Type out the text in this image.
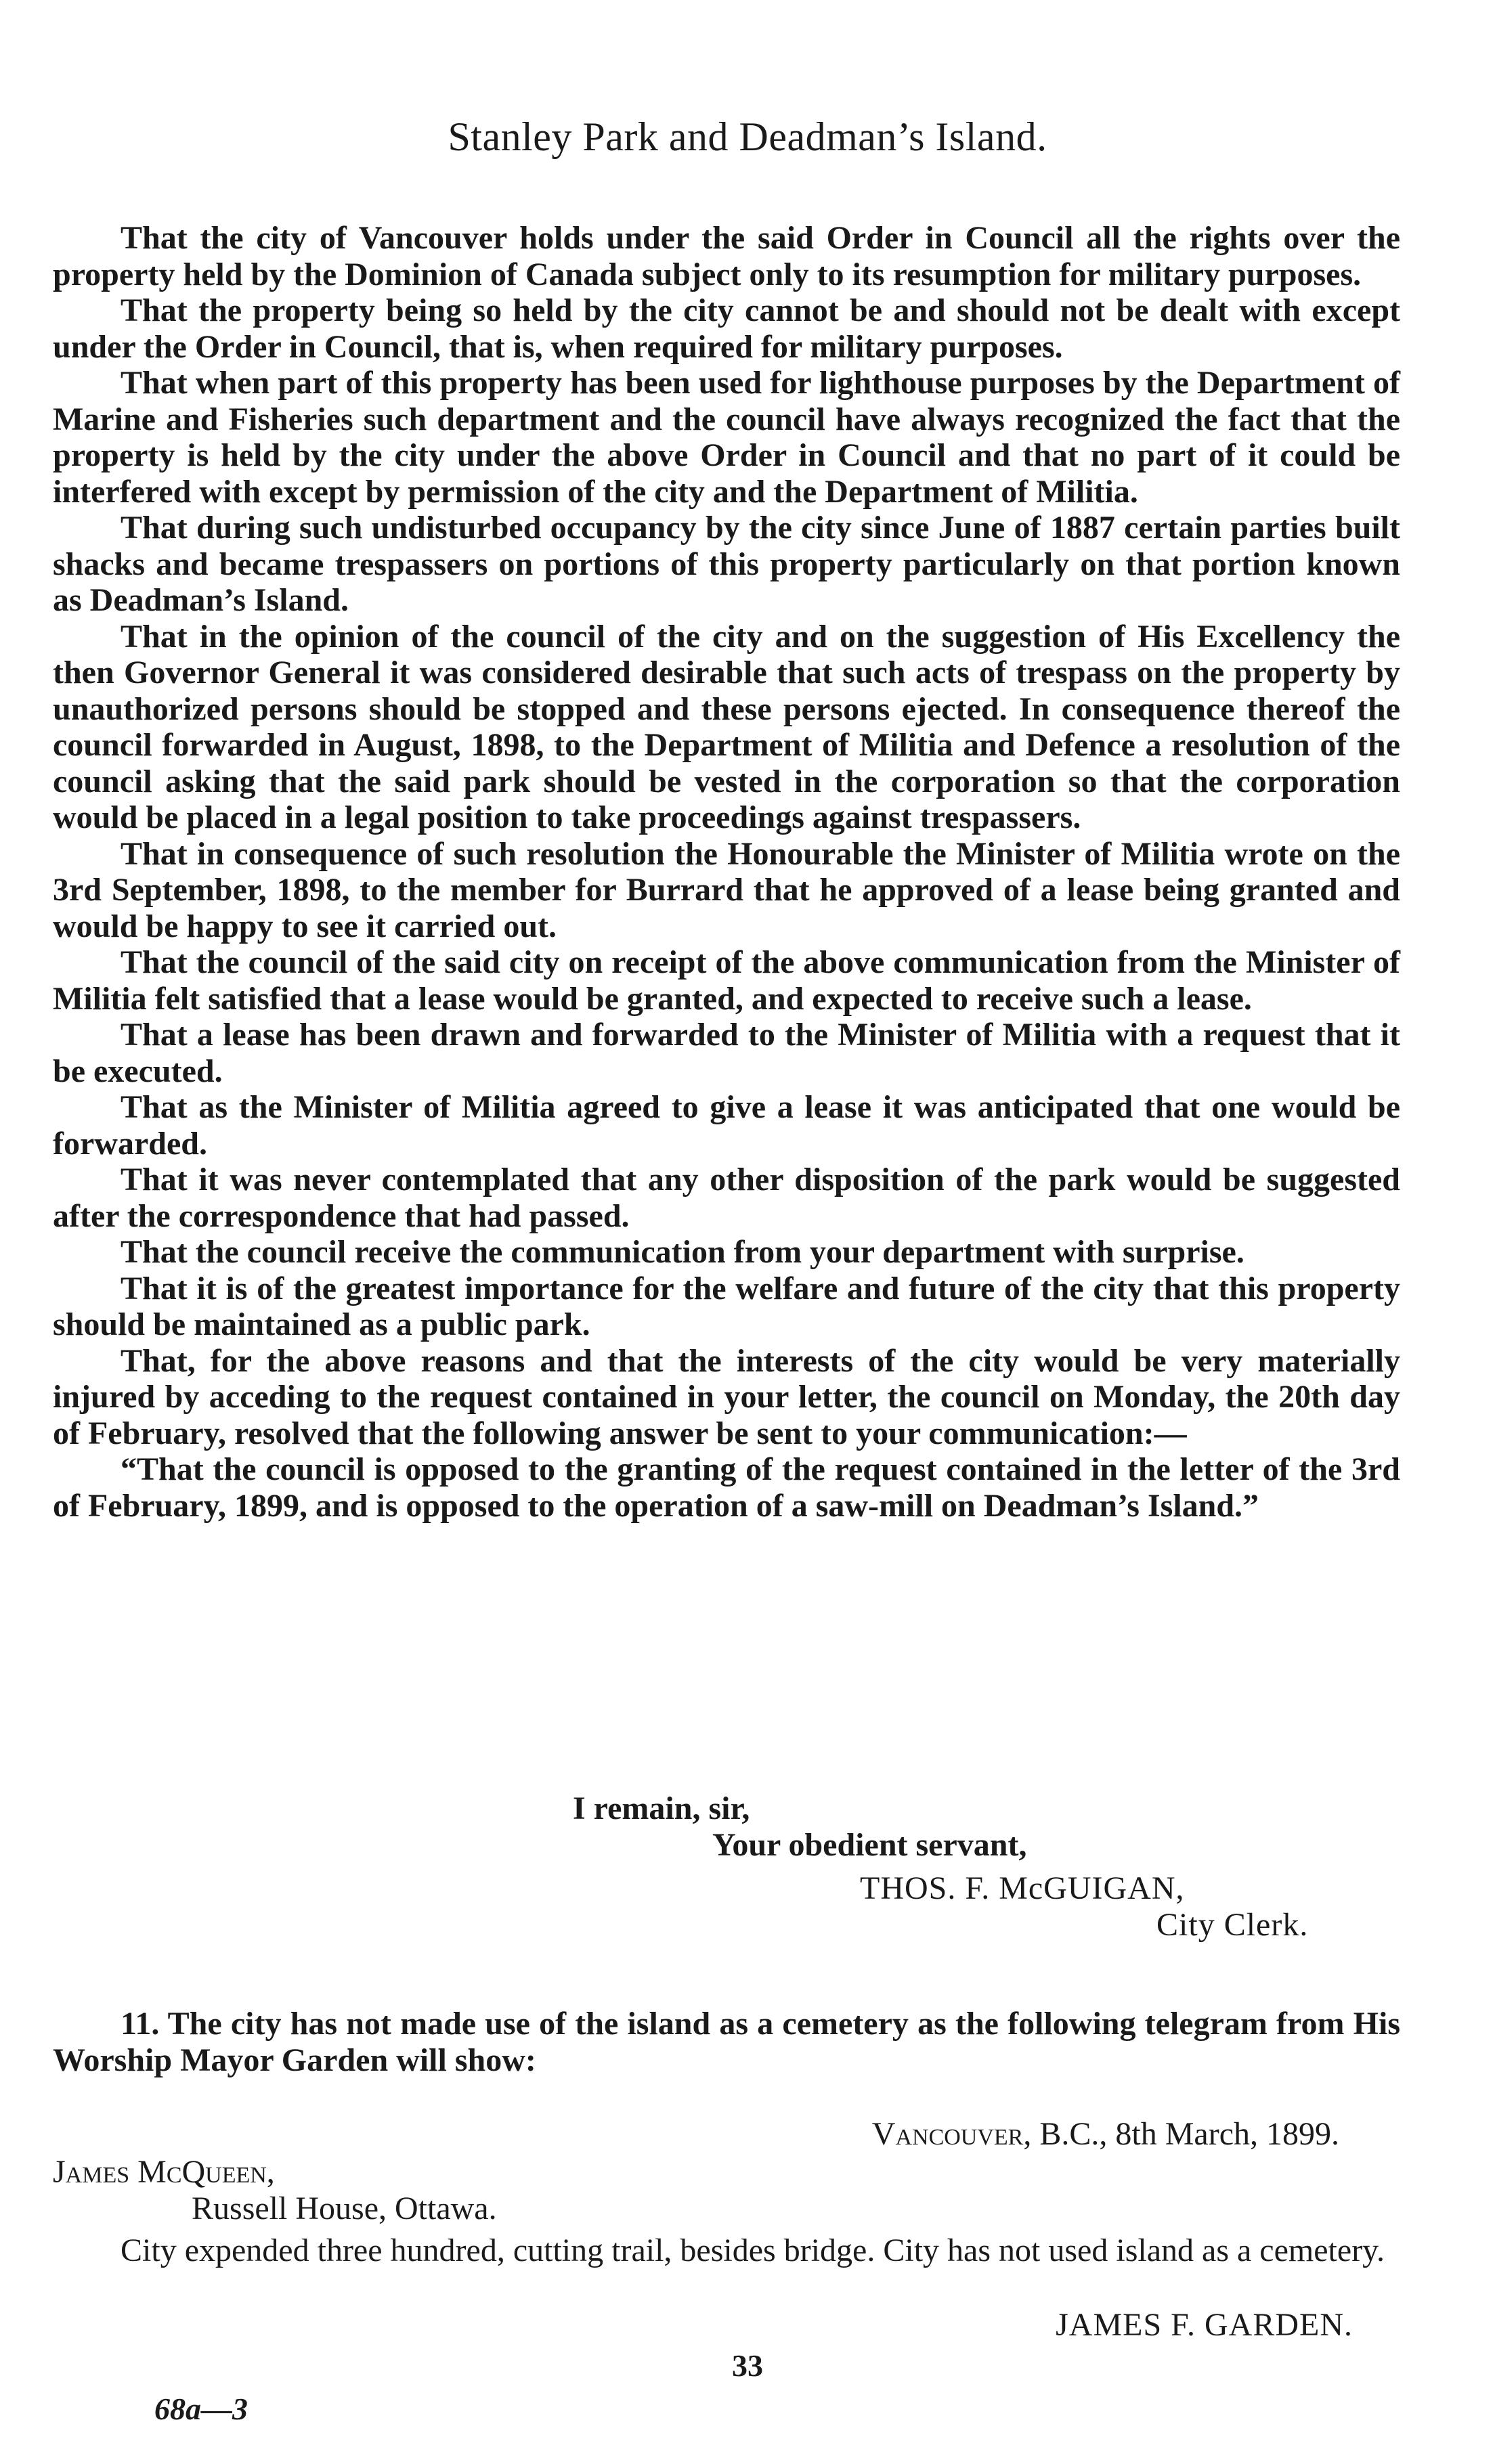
Stanley Park and Deadman’s Island.

That the city of Vancouver holds under the said Order in Council all the rights over the property held by the Dominion of Canada subject only to its resumption for military purposes.

That the property being so held by the city cannot be and should not be dealt with except under the Order in Council, that is, when required for military purposes.

That when part of this property has been used for lighthouse purposes by the Department of Marine and Fisheries such department and the council have always recognized the fact that the property is held by the city under the above Order in Council and that no part of it could be interfered with except by permission of the city and the Department of Militia.

That during such undisturbed occupancy by the city since June of 1887 certain parties built shacks and became trespassers on portions of this property particularly on that portion known as Deadman’s Island.

That in the opinion of the council of the city and on the suggestion of His Excellency the then Governor General it was considered desirable that such acts of trespass on the property by unauthorized persons should be stopped and these persons ejected. In consequence thereof the council forwarded in August, 1898, to the Department of Militia and Defence a resolution of the council asking that the said park should be vested in the corporation so that the corporation would be placed in a legal position to take proceedings against trespassers.

That in consequence of such resolution the Honourable the Minister of Militia wrote on the 3rd September, 1898, to the member for Burrard that he approved of a lease being granted and would be happy to see it carried out.

That the council of the said city on receipt of the above communication from the Minister of Militia felt satisfied that a lease would be granted, and expected to receive such a lease.

That a lease has been drawn and forwarded to the Minister of Militia with a request that it be executed.

That as the Minister of Militia agreed to give a lease it was anticipated that one would be forwarded.

That it was never contemplated that any other disposition of the park would be suggested after the correspondence that had passed.

That the council receive the communication from your department with surprise.

That it is of the greatest importance for the welfare and future of the city that this property should be maintained as a public park.

That, for the above reasons and that the interests of the city would be very materially injured by acceding to the request contained in your letter, the council on Monday, the 20th day of February, resolved that the following answer be sent to your communication:—

“That the council is opposed to the granting of the request contained in the letter of the 3rd of February, 1899, and is opposed to the operation of a saw-mill on Deadman’s Island.”

I remain, sir,
Your obedient servant,
THOS. F. McGUIGAN,
City Clerk.

11. The city has not made use of the island as a cemetery as the following telegram from His Worship Mayor Garden will show:

Vancouver, B.C., 8th March, 1899.
James McQueen,
Russell House, Ottawa.

City expended three hundred, cutting trail, besides bridge. City has not used island as a cemetery.

JAMES F. GARDEN.
33
68a—3
